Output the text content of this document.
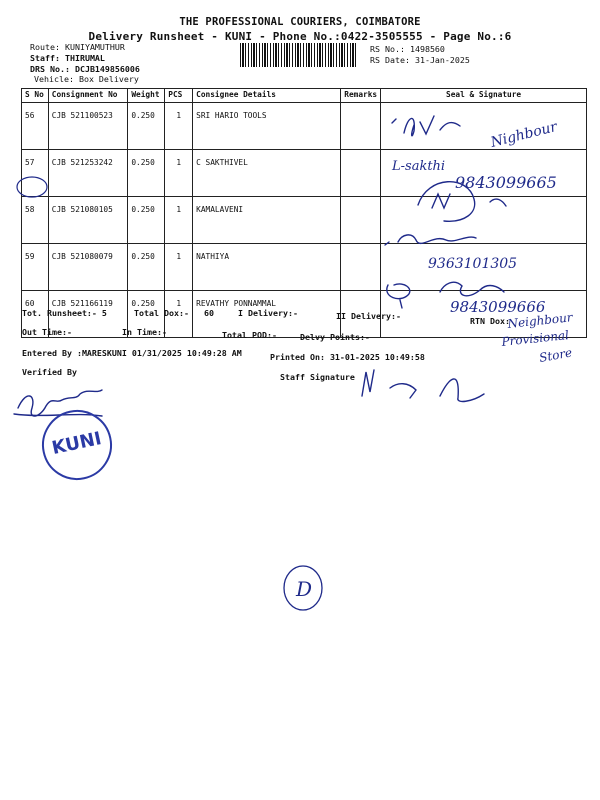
THE PROFESSIONAL COURIERS, COIMBATORE
Delivery Runsheet - KUNI - Phone No.:0422-3505555 - Page No.:6
Route: KUNIYAMUTHUR
Staff: THIRUMAL
DRS No.: DCJB149856006
Vehicle: Box Delivery
RS No.: 1498560
RS Date: 31-Jan-2025
S No	Consignment No	Weight	PCS	Consignee Details	Remarks	Seal & Signature
56	CJB 521100523	0.250	1	SRI HARIO TOOLS		
57	CJB 521253242	0.250	1	C SAKTHIVEL		
58	CJB 521080105	0.250	1	KAMALAVENI		
59	CJB 521080079	0.250	1	NATHIYA		
60	CJB 521166119	0.250	1	REVATHY PONNAMMAL		
Tot. Runsheet:- 5	Total Dox:- 60	I Delivery:-	II Delivery:-	RTN Dox:
Out Time:-	In Time:-	Total POD:-	Delvy Points:-
Entered By :MARESKUNI 01/31/2025 10:49:28 AM	Printed On: 31-01-2025 10:49:58
Verified By	Staff Signature
Nighbour
L-sakthi
9843099665
9363101305
9843099666
Neighbour
Provisional
Store
D
KUNI
